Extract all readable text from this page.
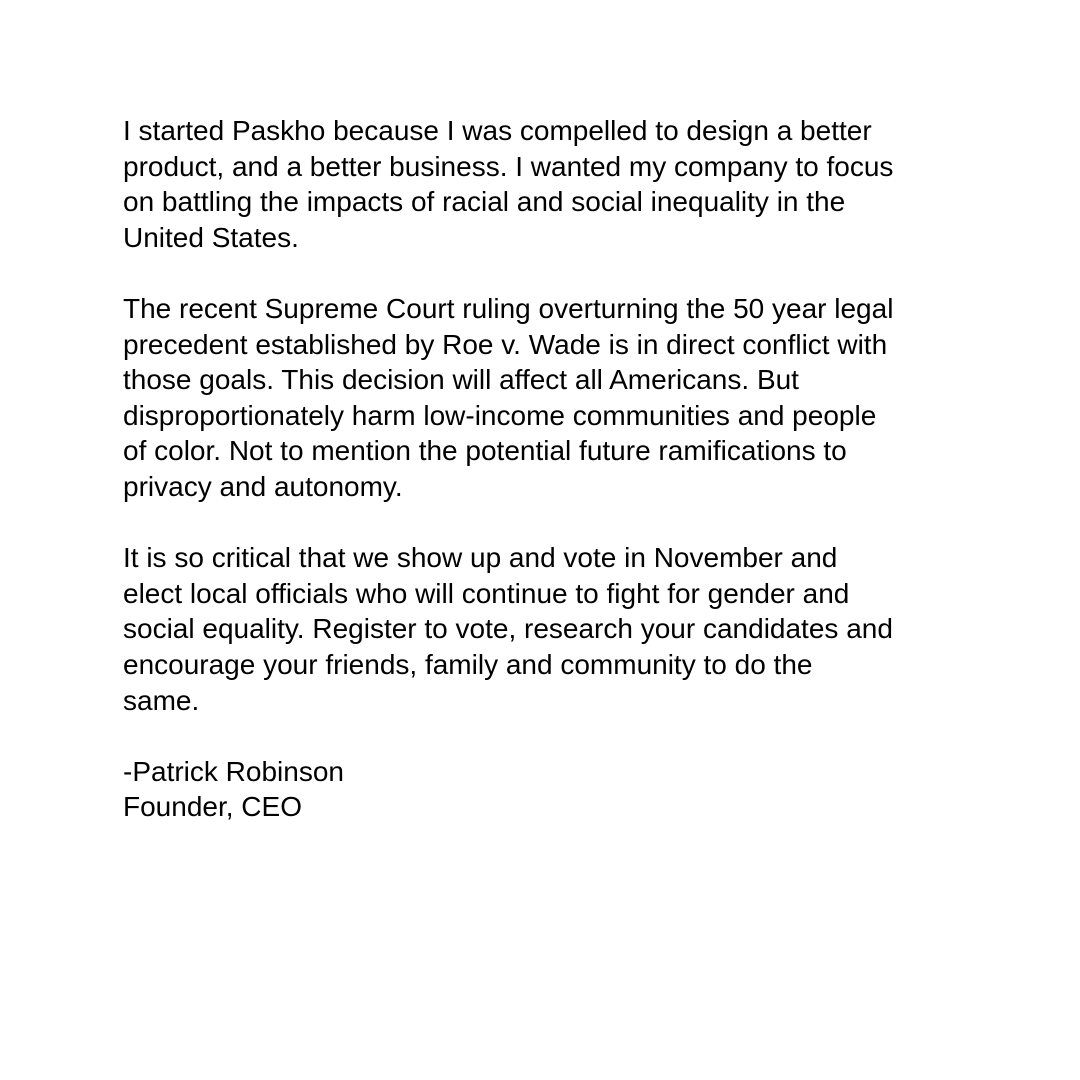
I started Paskho because I was compelled to design a better
product, and a better business. I wanted my company to focus
on battling the impacts of racial and social inequality in the
United States.

The recent Supreme Court ruling overturning the 50 year legal
precedent established by Roe v. Wade is in direct conflict with
those goals. This decision will affect all Americans. But
disproportionately harm low-income communities and people
of color. Not to mention the potential future ramifications to
privacy and autonomy.

It is so critical that we show up and vote in November and
elect local officials who will continue to fight for gender and
social equality. Register to vote, research your candidates and
encourage your friends, family and community to do the
same.

-Patrick Robinson
Founder, CEO
